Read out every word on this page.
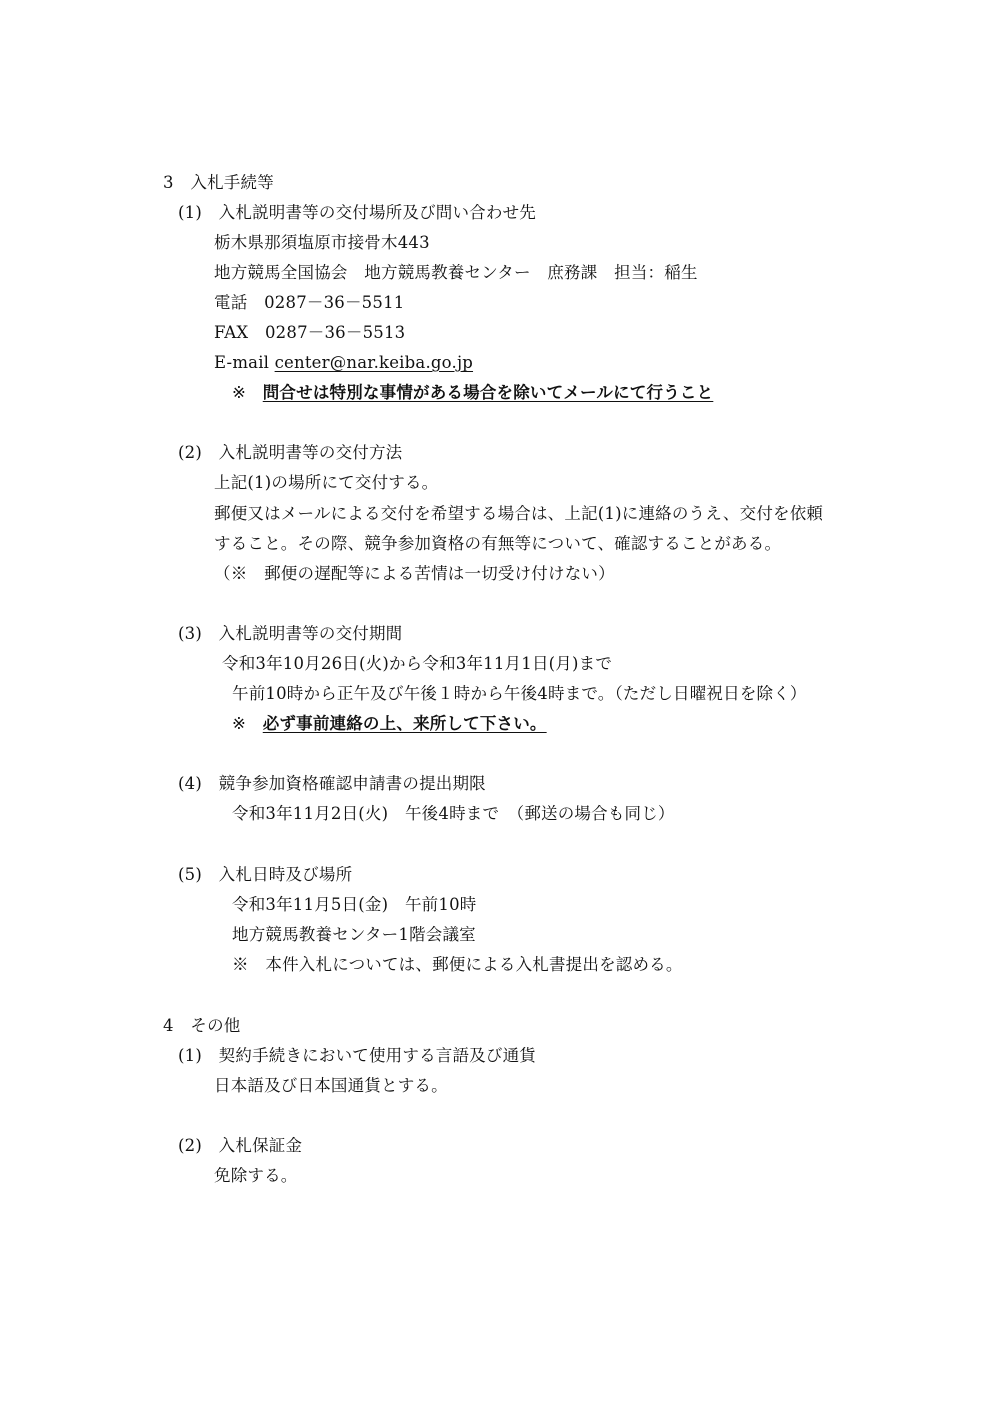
3　入札手続等
(1)　入札説明書等の交付場所及び問い合わせ先
栃木県那須塩原市接骨木443
地方競馬全国協会　地方競馬教養センター　庶務課　担当：稲生
電話　0287－36－5511
FAX　0287－36－5513
E-mail center@nar.keiba.go.jp
※　問合せは特別な事情がある場合を除いてメールにて行うこと
(2)　入札説明書等の交付方法
上記(1)の場所にて交付する。
郵便又はメールによる交付を希望する場合は、上記(1)に連絡のうえ、交付を依頼
すること。その際、競争参加資格の有無等について、確認することがある。
（※　郵便の遅配等による苦情は一切受け付けない）
(3)　入札説明書等の交付期間
令和3年10月26日(火)から令和3年11月1日(月)まで
午前10時から正午及び午後１時から午後4時まで。（ただし日曜祝日を除く）
※　必ず事前連絡の上、来所して下さい。
(4)　競争参加資格確認申請書の提出期限
令和3年11月2日(火)　午後4時まで　（郵送の場合も同じ）
(5)　入札日時及び場所
令和3年11月5日(金)　午前10時
地方競馬教養センター1階会議室
※　本件入札については、郵便による入札書提出を認める。
4　その他
(1)　契約手続きにおいて使用する言語及び通貨
日本語及び日本国通貨とする。
(2)　入札保証金
免除する。
